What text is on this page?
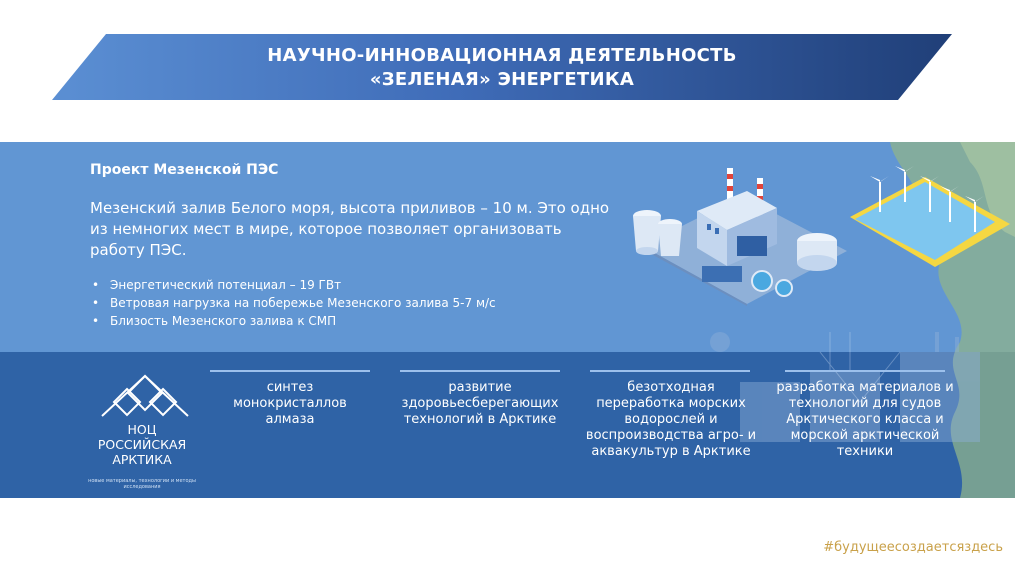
НАУЧНО-ИННОВАЦИОННАЯ ДЕЯТЕЛЬНОСТЬ
«ЗЕЛЕНАЯ» ЭНЕРГЕТИКА
Проект Мезенской ПЭС
Мезенский залив Белого моря, высота приливов – 10 м. Это одно из немногих мест в мире, которое позволяет организовать работу ПЭС.
• Энергетический потенциал – 19 ГВт
• Ветровая нагрузка на побережье Мезенского залива 5-7 м/с
• Близость Мезенского залива к СМП
НОЦ
РОССИЙСКАЯ
АРКТИКА
новые материалы, технологии и методы исследования
синтез монокристаллов алмаза
развитие здоровьесберегающих технологий в Арктике
безотходная переработка морских водорослей и воспроизводства агро- и аквакультур в Арктике
разработка материалов и технологий для судов Арктического класса и морской арктической техники
#будущеесоздаетсяздесь
